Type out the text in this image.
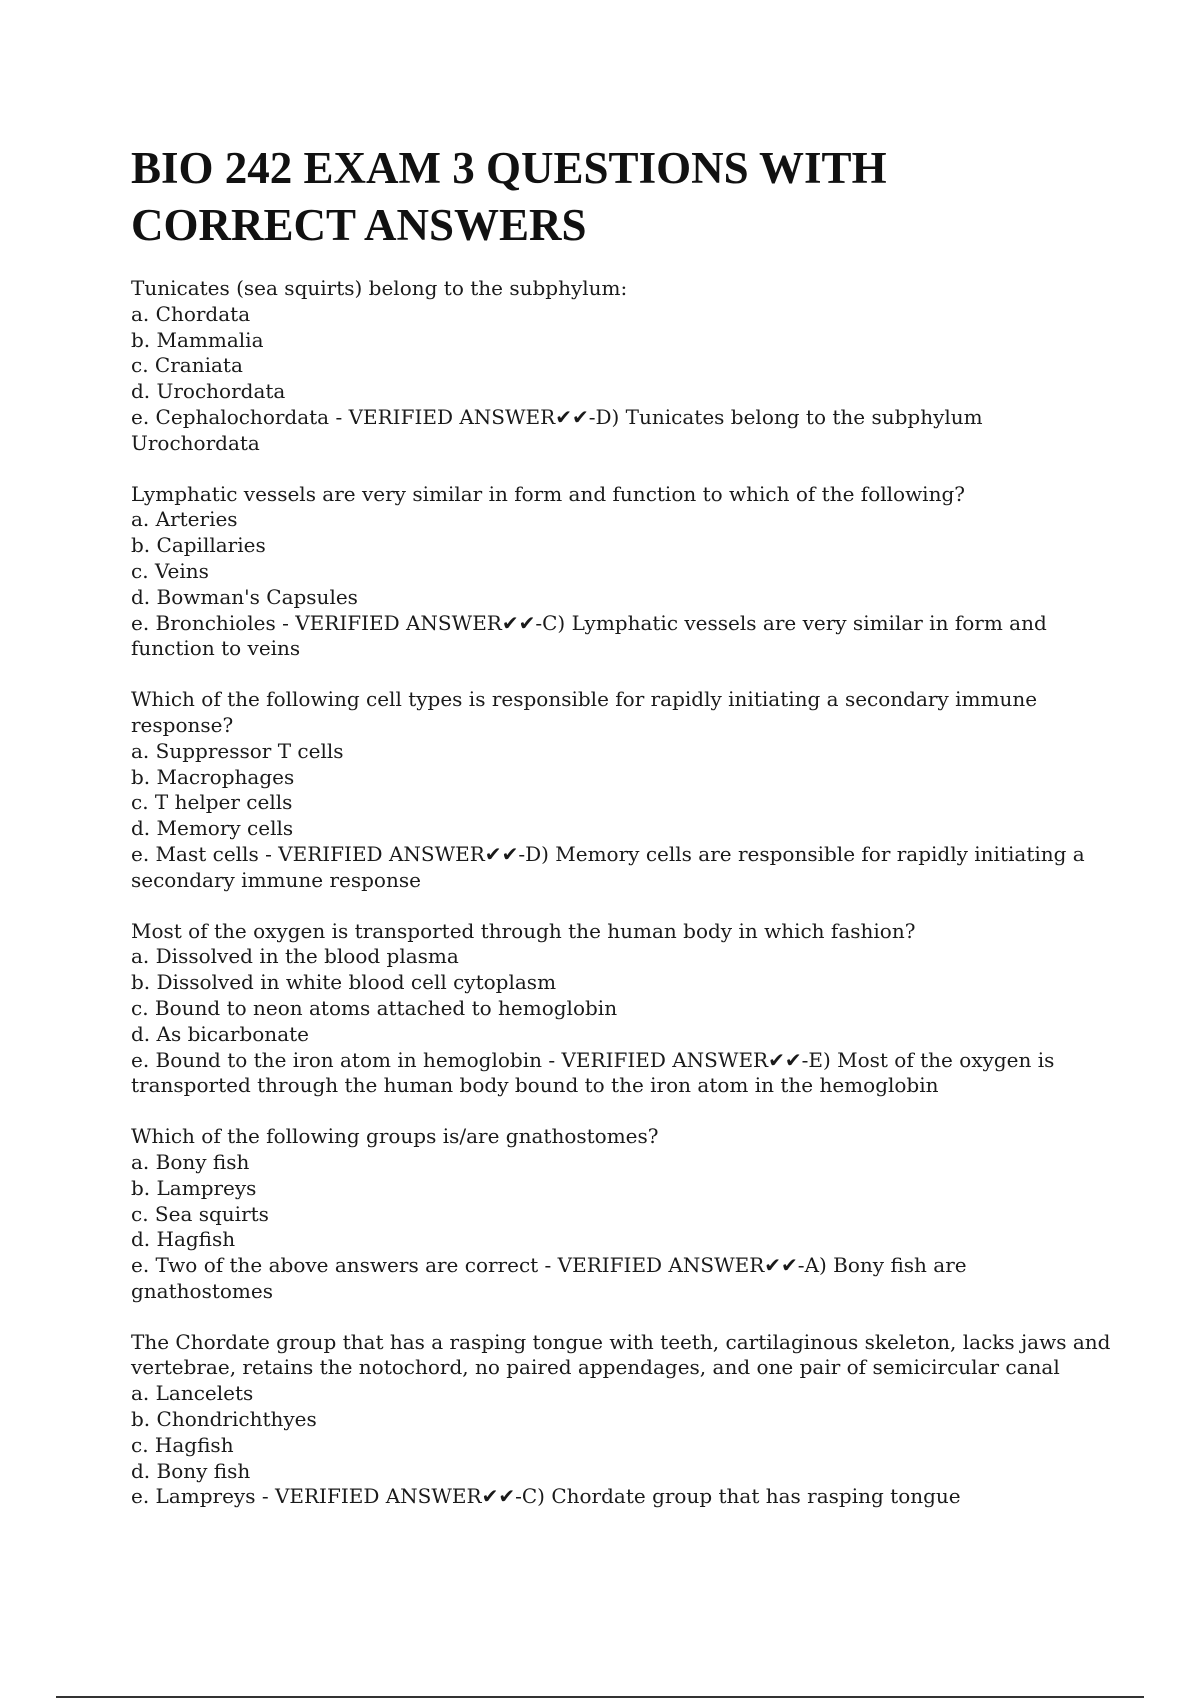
BIO 242 EXAM 3 QUESTIONS WITH CORRECT ANSWERS
Tunicates (sea squirts) belong to the subphylum:
a. Chordata
b. Mammalia
c. Craniata
d. Urochordata
e. Cephalochordata - VERIFIED ANSWER✔✔-D) Tunicates belong to the subphylum Urochordata
Lymphatic vessels are very similar in form and function to which of the following?
a. Arteries
b. Capillaries
c. Veins
d. Bowman's Capsules
e. Bronchioles - VERIFIED ANSWER✔✔-C) Lymphatic vessels are very similar in form and function to veins
Which of the following cell types is responsible for rapidly initiating a secondary immune response?
a. Suppressor T cells
b. Macrophages
c. T helper cells
d. Memory cells
e. Mast cells - VERIFIED ANSWER✔✔-D) Memory cells are responsible for rapidly initiating a secondary immune response
Most of the oxygen is transported through the human body in which fashion?
a. Dissolved in the blood plasma
b. Dissolved in white blood cell cytoplasm
c. Bound to neon atoms attached to hemoglobin
d. As bicarbonate
e. Bound to the iron atom in hemoglobin - VERIFIED ANSWER✔✔-E) Most of the oxygen is transported through the human body bound to the iron atom in the hemoglobin
Which of the following groups is/are gnathostomes?
a. Bony fish
b. Lampreys
c. Sea squirts
d. Hagfish
e. Two of the above answers are correct - VERIFIED ANSWER✔✔-A) Bony fish are gnathostomes
The Chordate group that has a rasping tongue with teeth, cartilaginous skeleton, lacks jaws and vertebrae, retains the notochord, no paired appendages, and one pair of semicircular canal
a. Lancelets
b. Chondrichthyes
c. Hagfish
d. Bony fish
e. Lampreys - VERIFIED ANSWER✔✔-C) Chordate group that has rasping tongue
